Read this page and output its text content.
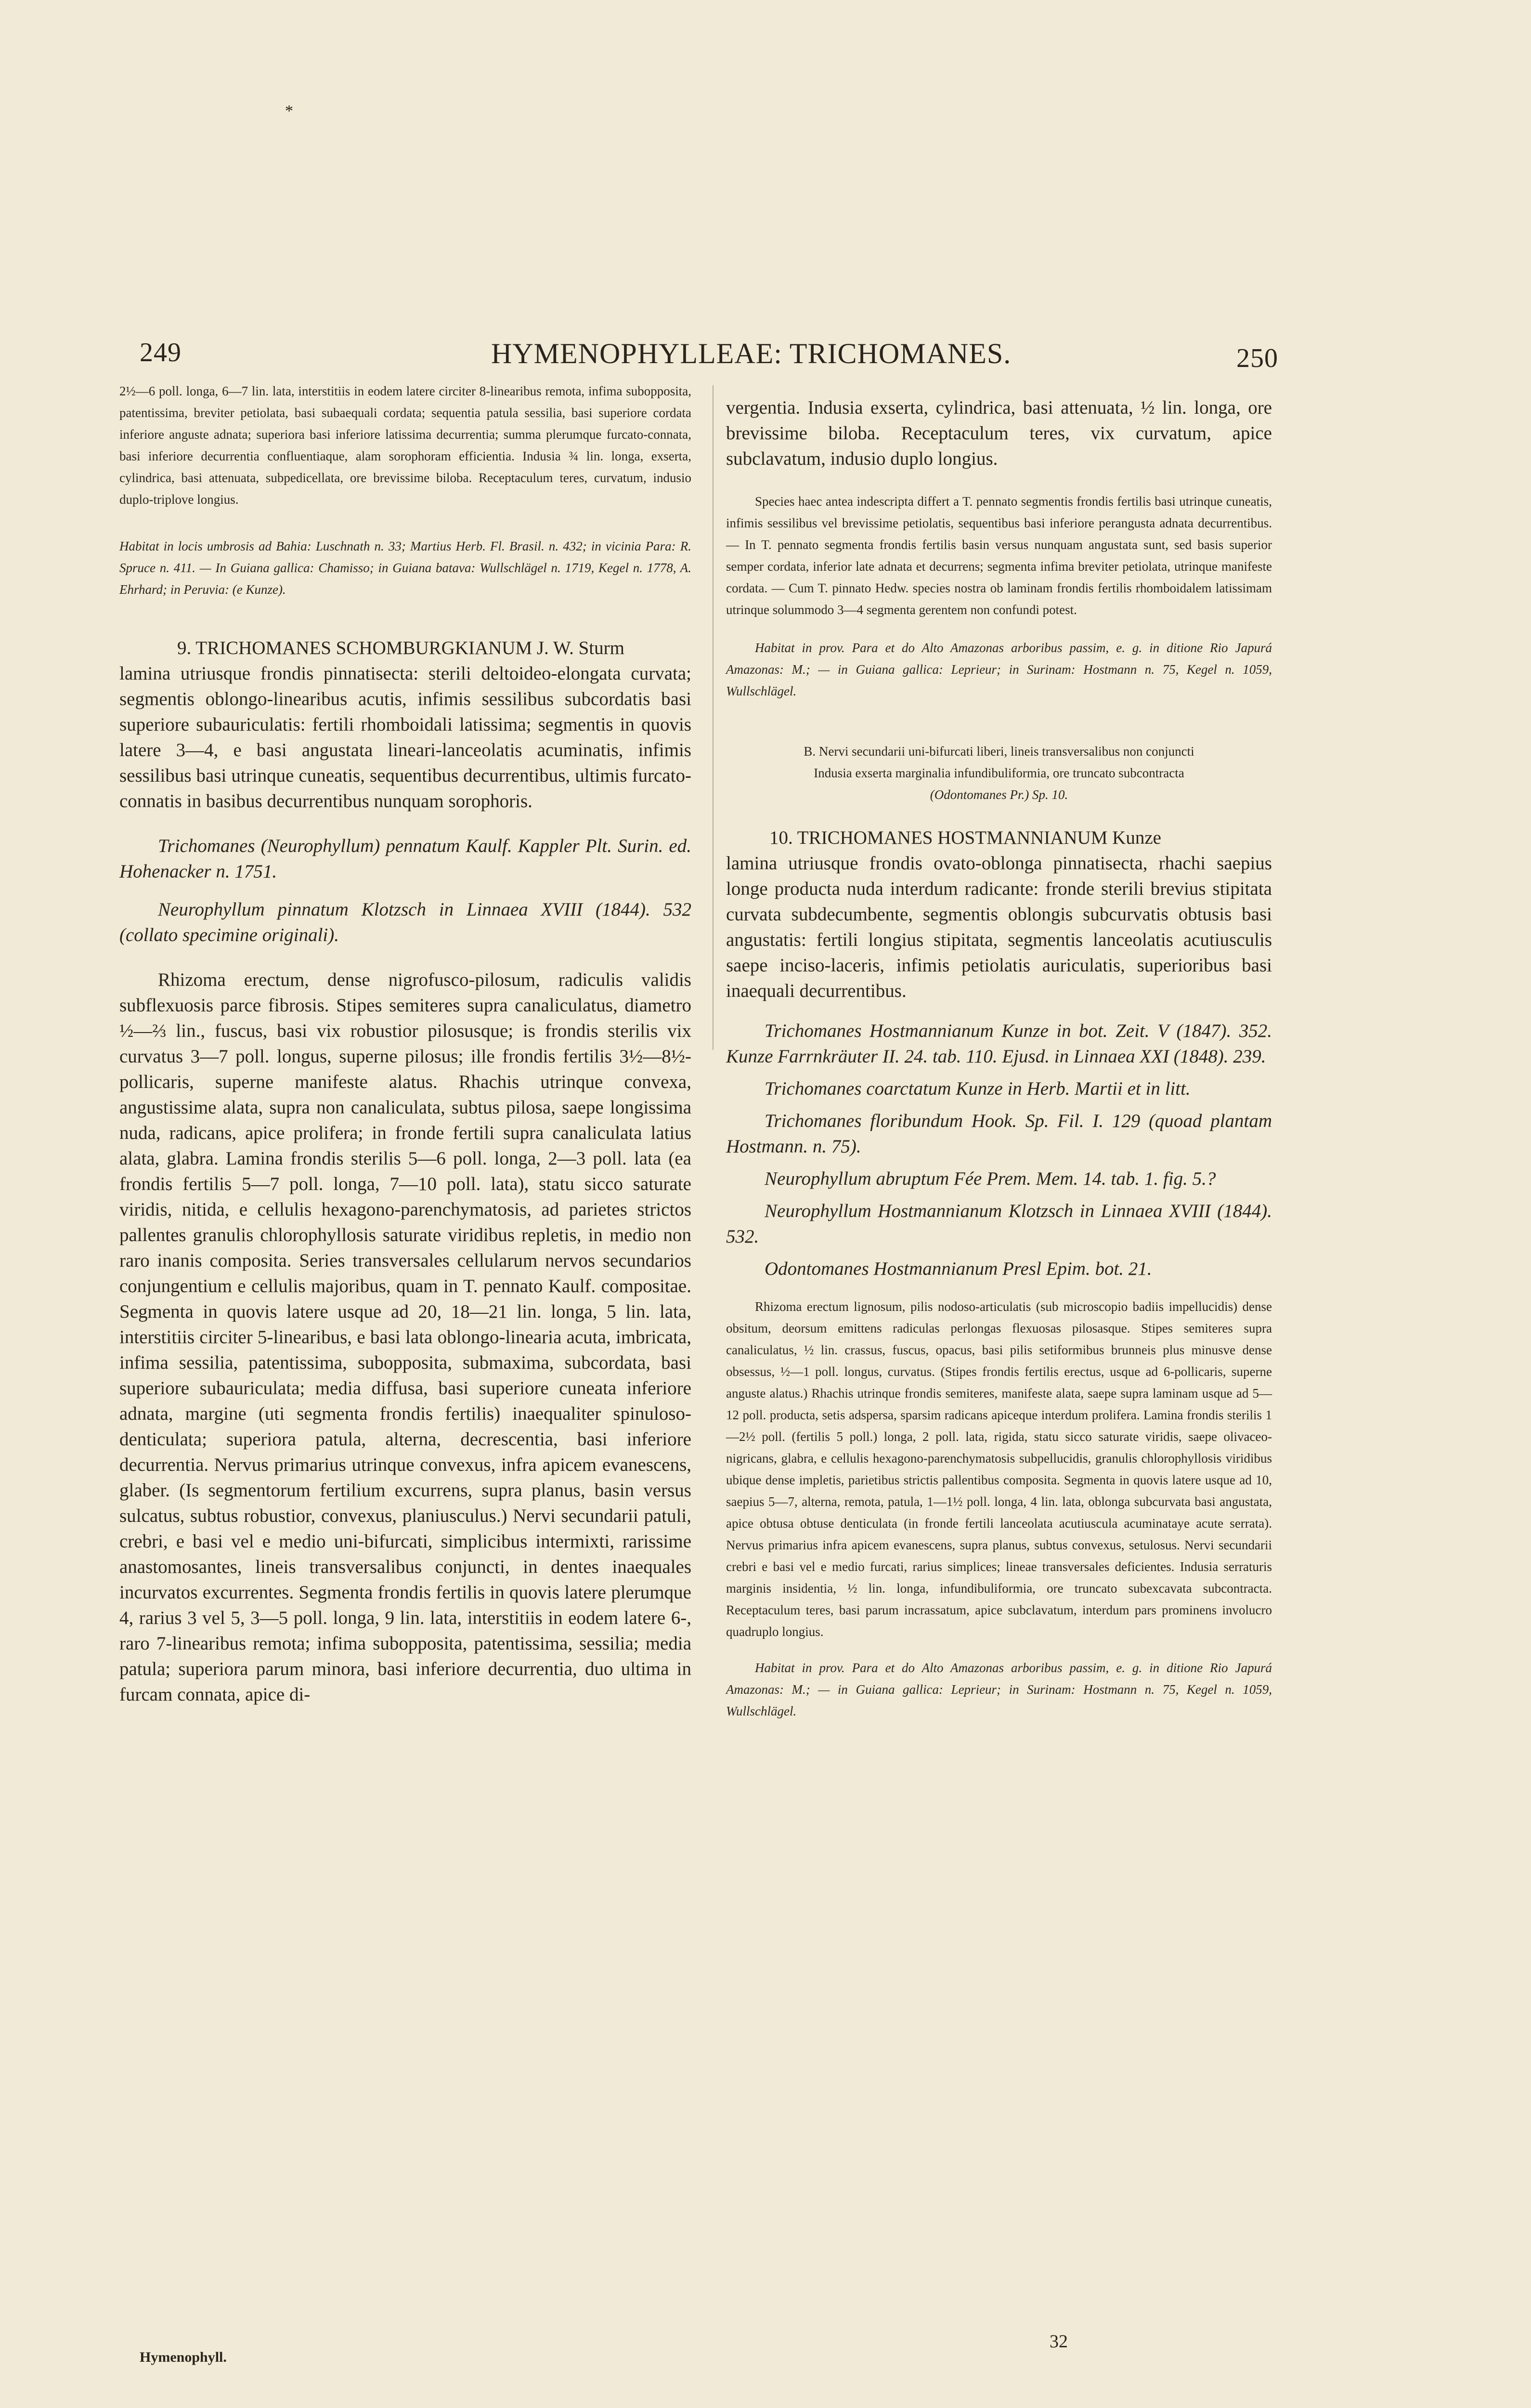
*
249	HYMENOPHYLLEAE: TRICHOMANES.	250

2½—6 poll. longa, 6—7 lin. lata, interstitiis in eodem latere circiter 8-linearibus remota, infima subopposita, patentissima, breviter petiolata, basi subaequali cordata; sequentia patula sessilia, basi superiore cordata inferiore anguste adnata; superiora basi inferiore latissima decurrentia; summa plerumque furcato-connata, basi inferiore decurrentia confluentiaque, alam sorophoram efficientia. Indusia ¾ lin. longa, exserta, cylindrica, basi attenuata, subpedicellata, ore brevissime biloba. Receptaculum teres, curvatum, indusio duplo-triplove longius.

Habitat in locis umbrosis ad Bahia: Luschnath n. 33; Martius Herb. Fl. Brasil. n. 432; in vicinia Para: R. Spruce n. 411. — In Guiana gallica: Chamisso; in Guiana batava: Wullschlägel n. 1719, Kegel n. 1778, A. Ehrhard; in Peruvia: (e Kunze).

9. TRICHOMANES SCHOMBURGKIANUM J. W. Sturm

lamina utriusque frondis pinnatisecta: sterili deltoideo-elongata curvata; segmentis oblongo-linearibus acutis, infimis sessilibus subcordatis basi superiore subauriculatis: fertili rhomboidali latissima; segmentis in quovis latere 3—4, e basi angustata lineari-lanceolatis acuminatis, infimis sessilibus basi utrinque cuneatis, sequentibus decurrentibus, ultimis furcato-connatis in basibus decurrentibus nunquam sorophoris.

Trichomanes (Neurophyllum) pennatum Kaulf. Kappler Plt. Surin. ed. Hohenacker n. 1751.

Neurophyllum pinnatum Klotzsch in Linnaea XVIII (1844). 532 (collato specimine originali).

Rhizoma erectum, dense nigrofusco-pilosum, radiculis validis subflexuosis parce fibrosis. Stipes semiteres supra canaliculatus, diametro ½—⅔ lin., fuscus, basi vix robustior pilosusque; is frondis sterilis vix curvatus 3—7 poll. longus, superne pilosus; ille frondis fertilis 3½—8½-pollicaris, superne manifeste alatus. Rhachis utrinque convexa, angustissime alata, supra non canaliculata, subtus pilosa, saepe longissima nuda, radicans, apice prolifera; in fronde fertili supra canaliculata latius alata, glabra. Lamina frondis sterilis 5—6 poll. longa, 2—3 poll. lata (ea frondis fertilis 5—7 poll. longa, 7—10 poll. lata), statu sicco saturate viridis, nitida, e cellulis hexagono-parenchymatosis, ad parietes strictos pallentes granulis chlorophyllosis saturate viridibus repletis, in medio non raro inanis composita. Series transversales cellularum nervos secundarios conjungentium e cellulis majoribus, quam in T. pennato Kaulf. compositae. Segmenta in quovis latere usque ad 20, 18—21 lin. longa, 5 lin. lata, interstitiis circiter 5-linearibus, e basi lata oblongo-linearia acuta, imbricata, infima sessilia, patentissima, subopposita, submaxima, subcordata, basi superiore subauriculata; media diffusa, basi superiore cuneata inferiore adnata, margine (uti segmenta frondis fertilis) inaequaliter spinuloso-denticulata; superiora patula, alterna, decrescentia, basi inferiore decurrentia. Nervus primarius utrinque convexus, infra apicem evanescens, glaber. (Is segmentorum fertilium excurrens, supra planus, basin versus sulcatus, subtus robustior, convexus, planiusculus.) Nervi secundarii patuli, crebri, e basi vel e medio uni-bifurcati, simplicibus intermixti, rarissime anastomosantes, lineis transversalibus conjuncti, in dentes inaequales incurvatos excurrentes. Segmenta frondis fertilis in quovis latere plerumque 4, rarius 3 vel 5, 3—5 poll. longa, 9 lin. lata, interstitiis in eodem latere 6-, raro 7-linearibus remota; infima subopposita, patentissima, sessilia; media patula; superiora parum minora, basi inferiore decurrentia, duo ultima in furcam connata, apice di-

Hymenophyll.

vergentia. Indusia exserta, cylindrica, basi attenuata, ½ lin. longa, ore brevissime biloba. Receptaculum teres, vix curvatum, apice subclavatum, indusio duplo longius.

Species haec antea indescripta differt a T. pennato segmentis frondis fertilis basi utrinque cuneatis, infimis sessilibus vel brevissime petiolatis, sequentibus basi inferiore perangusta adnata decurrentibus. — In T. pennato segmenta frondis fertilis basin versus nunquam angustata sunt, sed basis superior semper cordata, inferior late adnata et decurrens; segmenta infima breviter petiolata, utrinque manifeste cordata. — Cum T. pinnato Hedw. species nostra ob laminam frondis fertilis rhomboidalem latissimam utrinque solummodo 3—4 segmenta gerentem non confundi potest.

Habitat in prov. Para et do Alto Amazonas arboribus passim, e. g. in ditione Rio Japurá Amazonas: M.; — in Guiana gallica: Leprieur; in Surinam: Hostmann n. 75, Kegel n. 1059, Wullschlägel.

B. Nervi secundarii uni-bifurcati liberi, lineis transversalibus non conjuncti

Indusia exserta marginalia infundibuliformia, ore truncato subcontracta

(Odontomanes Pr.) Sp. 10.

10. TRICHOMANES HOSTMANNIANUM Kunze

lamina utriusque frondis ovato-oblonga pinnatisecta, rhachi saepius longe producta nuda interdum radicante: fronde sterili brevius stipitata curvata subdecumbente, segmentis oblongis subcurvatis obtusis basi angustatis: fertili longius stipitata, segmentis lanceolatis acutiusculis saepe inciso-laceris, infimis petiolatis auriculatis, superioribus basi inaequali decurrentibus.

Trichomanes Hostmannianum Kunze in bot. Zeit. V (1847). 352. Kunze Farrnkräuter II. 24. tab. 110. Ejusd. in Linnaea XXI (1848). 239.

Trichomanes coarctatum Kunze in Herb. Martii et in litt.

Trichomanes floribundum Hook. Sp. Fil. I. 129 (quoad plantam Hostmann. n. 75).

Neurophyllum abruptum Fée Prem. Mem. 14. tab. 1. fig. 5.?

Neurophyllum Hostmannianum Klotzsch in Linnaea XVIII (1844). 532.

Odontomanes Hostmannianum Presl Epim. bot. 21.

Rhizoma erectum lignosum, pilis nodoso-articulatis (sub microscopio badiis impellucidis) dense obsitum, deorsum emittens radiculas perlongas flexuosas pilosasque. Stipes semiteres supra canaliculatus, ½ lin. crassus, fuscus, opacus, basi pilis setiformibus brunneis plus minusve dense obsessus, ½—1 poll. longus, curvatus. (Stipes frondis fertilis erectus, usque ad 6-pollicaris, superne anguste alatus.) Rhachis utrinque frondis semiteres, manifeste alata, saepe supra laminam usque ad 5—12 poll. producta, setis adspersa, sparsim radicans apiceque interdum prolifera. Lamina frondis sterilis 1—2½ poll. (fertilis 5 poll.) longa, 2 poll. lata, rigida, statu sicco saturate viridis, saepe olivaceo-nigricans, glabra, e cellulis hexagono-parenchymatosis subpellucidis, granulis chlorophyllosis viridibus ubique dense impletis, parietibus strictis pallentibus composita. Segmenta in quovis latere usque ad 10, saepius 5—7, alterna, remota, patula, 1—1½ poll. longa, 4 lin. lata, oblonga subcurvata basi angustata, apice obtusa obtuse denticulata (in fronde fertili lanceolata acutiuscula acuminataye acute serrata). Nervus primarius infra apicem evanescens, supra planus, subtus convexus, setulosus. Nervi secundarii crebri e basi vel e medio furcati, rarius simplices; lineae transversales deficientes. Indusia serraturis marginis insidentia, ½ lin. longa, infundibuliformia, ore truncato subexcavata subcontracta. Receptaculum teres, basi parum incrassatum, apice subclavatum, interdum pars prominens involucro quadruplo longius.

Habitat in prov. Para et do Alto Amazonas arboribus passim, e. g. in ditione Rio Japurá Amazonas: M.; — in Guiana gallica: Leprieur; in Surinam: Hostmann n. 75, Kegel n. 1059, Wullschlägel.

32
